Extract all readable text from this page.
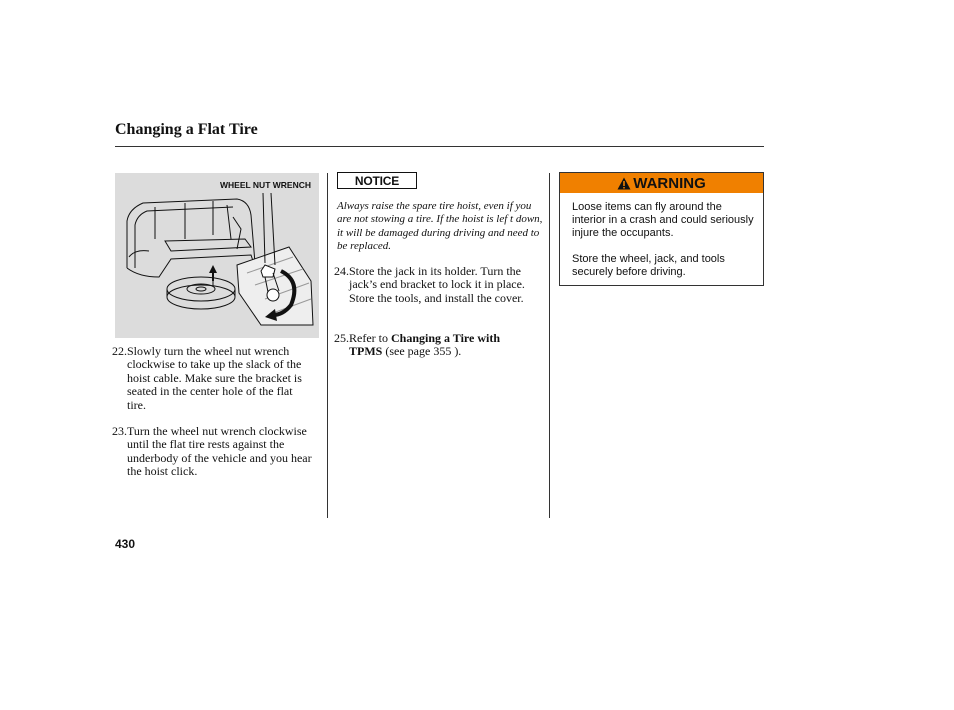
Changing a Flat Tire
WHEEL NUT WRENCH
22. Slowly turn the wheel nut wrench clockwise to take up the slack of the hoist cable. Make sure the bracket is seated in the center hole of the flat tire.
23. Turn the wheel nut wrench clockwise until the flat tire rests against the underbody of the vehicle and you hear the hoist click.
NOTICE

Always raise the spare tire hoist, even if you are not stowing a tire. If the hoist is lef t down, it will be damaged during driving and need to be replaced.

24. Store the jack in its holder. Turn the jack’s end bracket to lock it in place. Store the tools, and install the cover.
25. Refer to Changing a Tire with TPMS (see page 355 ).
WARNING

Loose items can fly around the interior in a crash and could seriously injure the occupants.

Store the wheel, jack, and tools securely before driving.

430
